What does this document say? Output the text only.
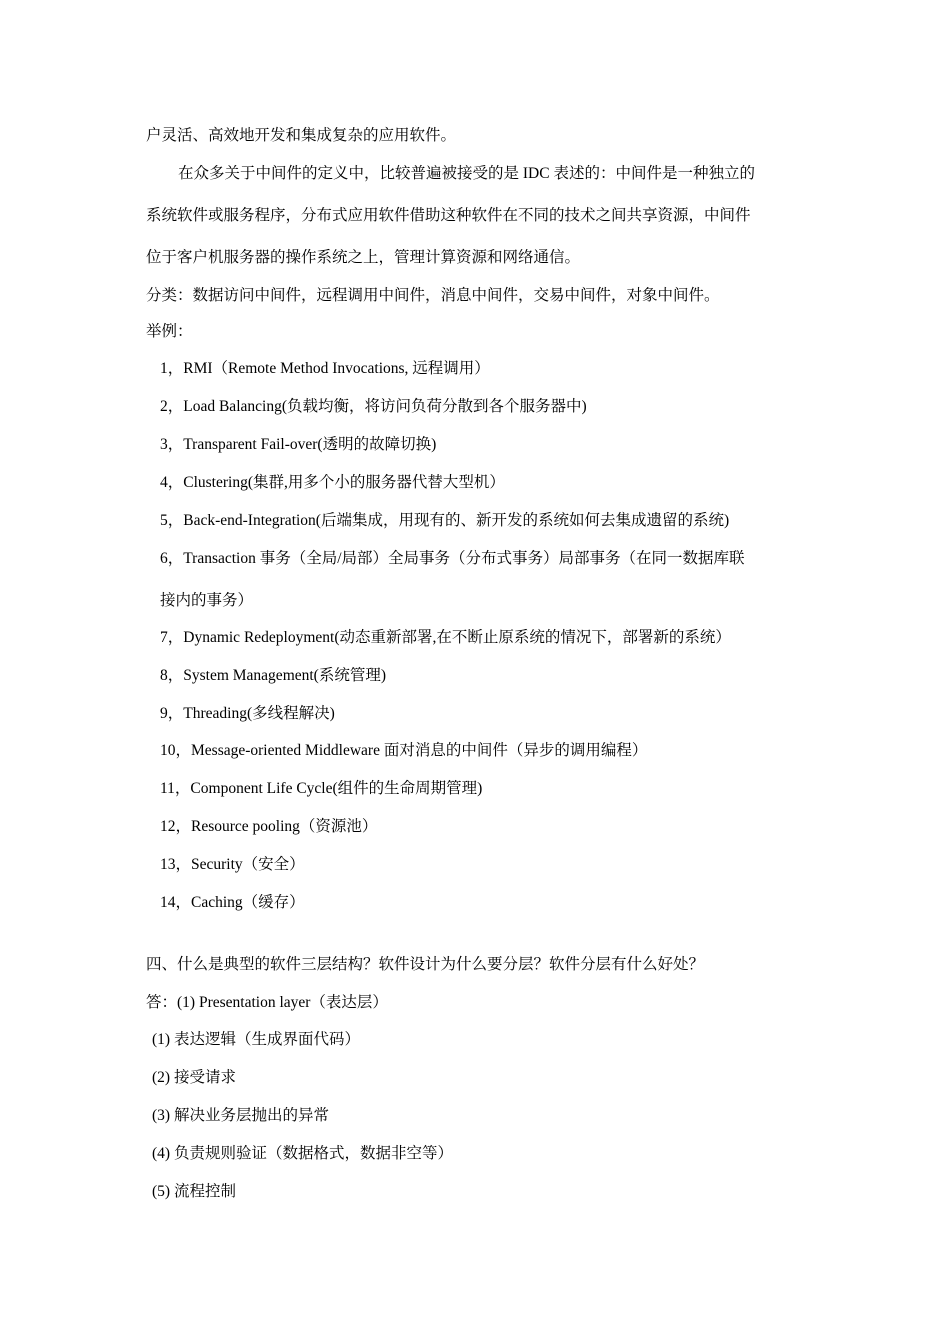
户灵活、高效地开发和集成复杂的应用软件。
在众多关于中间件的定义中，比较普遍被接受的是 IDC 表述的：中间件是一种独立的
系统软件或服务程序，分布式应用软件借助这种软件在不同的技术之间共享资源，中间件
位于客户机服务器的操作系统之上，管理计算资源和网络通信。
分类：数据访问中间件，远程调用中间件，消息中间件，交易中间件，对象中间件。
举例：
1，RMI（Remote Method Invocations, 远程调用）
2，Load Balancing(负载均衡，将访问负荷分散到各个服务器中)
3，Transparent Fail-over(透明的故障切换)
4，Clustering(集群,用多个小的服务器代替大型机）
5，Back-end-Integration(后端集成，用现有的、新开发的系统如何去集成遗留的系统)
6，Transaction 事务（全局/局部）全局事务（分布式事务）局部事务（在同一数据库联
接内的事务）
7，Dynamic Redeployment(动态重新部署,在不断止原系统的情况下，部署新的系统）
8，System Management(系统管理)
9，Threading(多线程解决)
10，Message-oriented Middleware 面对消息的中间件（异步的调用编程）
11，Component Life Cycle(组件的生命周期管理)
12，Resource pooling（资源池）
13，Security（安全）
14，Caching（缓存）
四、什么是典型的软件三层结构？软件设计为什么要分层？软件分层有什么好处？
答：(1) Presentation layer（表达层）
(1) 表达逻辑（生成界面代码）
(2) 接受请求
(3) 解决业务层抛出的异常
(4) 负责规则验证（数据格式，数据非空等）
(5) 流程控制
